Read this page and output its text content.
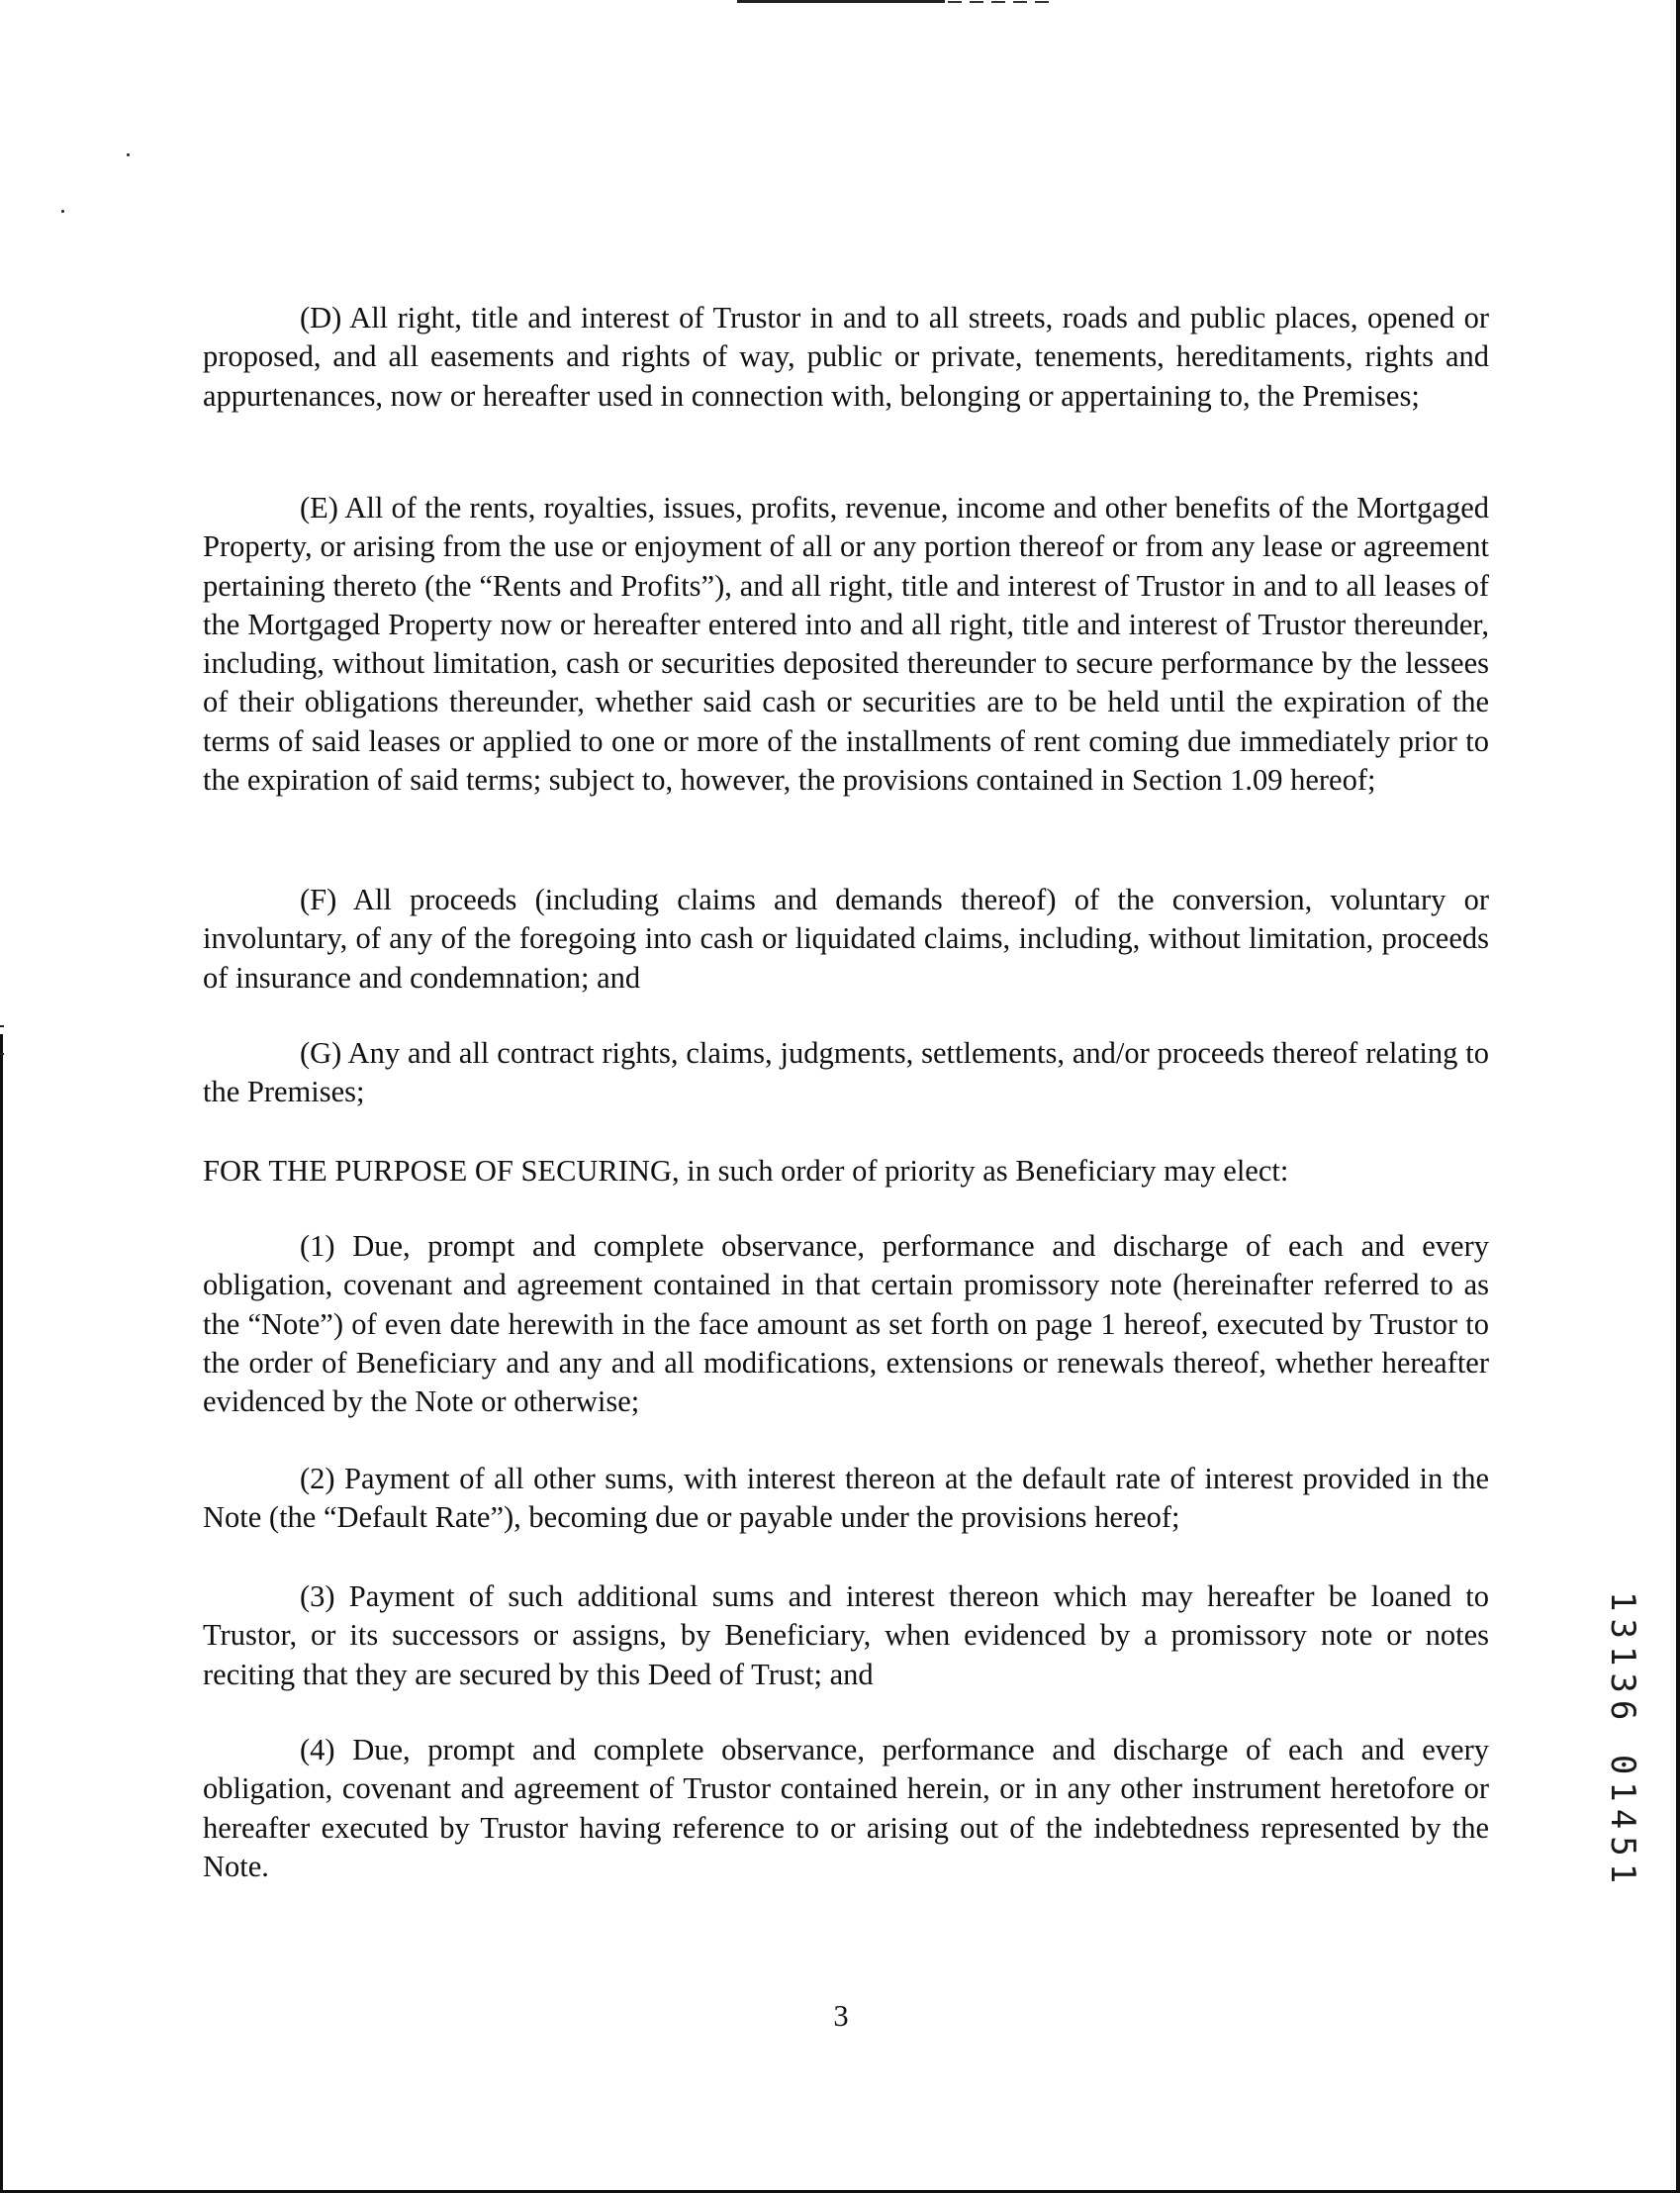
(D) All right, title and interest of Trustor in and to all streets, roads and public places, opened or proposed, and all easements and rights of way, public or private, tenements, hereditaments, rights and appurtenances, now or hereafter used in connection with, belonging or appertaining to, the Premises;

(E) All of the rents, royalties, issues, profits, revenue, income and other benefits of the Mortgaged Property, or arising from the use or enjoyment of all or any portion thereof or from any lease or agreement pertaining thereto (the “Rents and Profits”), and all right, title and interest of Trustor in and to all leases of the Mortgaged Property now or hereafter entered into and all right, title and interest of Trustor thereunder, including, without limitation, cash or securities deposited thereunder to secure performance by the lessees of their obligations thereunder, whether said cash or securities are to be held until the expiration of the terms of said leases or applied to one or more of the installments of rent coming due immediately prior to the expiration of said terms; subject to, however, the provisions contained in Section 1.09 hereof;

(F) All proceeds (including claims and demands thereof) of the conversion, voluntary or involuntary, of any of the foregoing into cash or liquidated claims, including, without limitation, proceeds of insurance and condemnation; and

(G) Any and all contract rights, claims, judgments, settlements, and/or proceeds thereof relating to the Premises;

FOR THE PURPOSE OF SECURING, in such order of priority as Beneficiary may elect:

(1) Due, prompt and complete observance, performance and discharge of each and every obligation, covenant and agreement contained in that certain promissory note (hereinafter referred to as the “Note”) of even date herewith in the face amount as set forth on page 1 hereof, executed by Trustor to the order of Beneficiary and any and all modifications, extensions or renewals thereof, whether hereafter evidenced by the Note or otherwise;

(2) Payment of all other sums, with interest thereon at the default rate of interest provided in the Note (the “Default Rate”), becoming due or payable under the provisions hereof;

(3) Payment of such additional sums and interest thereon which may hereafter be loaned to Trustor, or its successors or assigns, by Beneficiary, when evidenced by a promissory note or notes reciting that they are secured by this Deed of Trust; and

(4) Due, prompt and complete observance, performance and discharge of each and every obligation, covenant and agreement of Trustor contained herein, or in any other instrument heretofore or hereafter executed by Trustor having reference to or arising out of the indebtedness represented by the Note.

3
13136 01451
